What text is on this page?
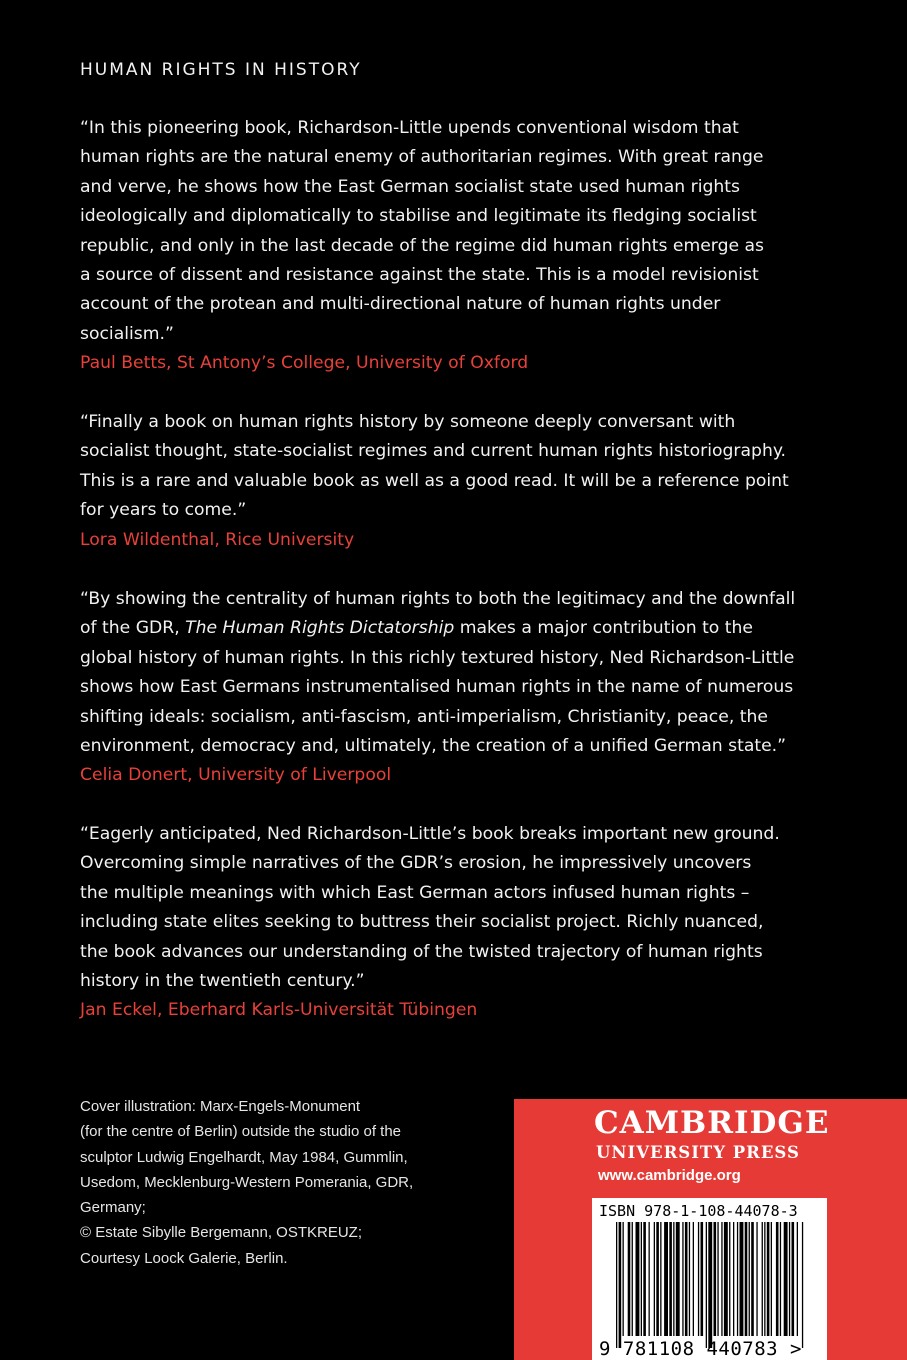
HUMAN RIGHTS IN HISTORY

“In this pioneering book, Richardson-Little upends conventional wisdom that
human rights are the natural enemy of authoritarian regimes. With great range
and verve, he shows how the East German socialist state used human rights
ideologically and diplomatically to stabilise and legitimate its fledging socialist
republic, and only in the last decade of the regime did human rights emerge as
a source of dissent and resistance against the state. This is a model revisionist
account of the protean and multi-directional nature of human rights under
socialism.”

Paul Betts, St Antony’s College, University of Oxford

“Finally a book on human rights history by someone deeply conversant with
socialist thought, state-socialist regimes and current human rights historiography.
This is a rare and valuable book as well as a good read. It will be a reference point
for years to come.”

Lora Wildenthal, Rice University

“By showing the centrality of human rights to both the legitimacy and the downfall
of the GDR, The Human Rights Dictatorship makes a major contribution to the
global history of human rights. In this richly textured history, Ned Richardson-Little
shows how East Germans instrumentalised human rights in the name of numerous
shifting ideals: socialism, anti-fascism, anti-imperialism, Christianity, peace, the
environment, democracy and, ultimately, the creation of a unified German state.”

Celia Donert, University of Liverpool

“Eagerly anticipated, Ned Richardson-Little’s book breaks important new ground.
Overcoming simple narratives of the GDR’s erosion, he impressively uncovers
the multiple meanings with which East German actors infused human rights –
including state elites seeking to buttress their socialist project. Richly nuanced,
the book advances our understanding of the twisted trajectory of human rights
history in the twentieth century.”

Jan Eckel, Eberhard Karls-Universität Tübingen
Cover illustration: Marx-Engels-Monument
(for the centre of Berlin) outside the studio of the
sculptor Ludwig Engelhardt, May 1984, Gummlin,
Usedom, Mecklenburg-Western Pomerania, GDR,
Germany;
© Estate Sibylle Bergemann, OSTKREUZ;
Courtesy Loock Galerie, Berlin.
CAMBRIDGE
UNIVERSITY PRESS
www.cambridge.org
ISBN 978-1-108-44078-3
9 781108 440783 >
